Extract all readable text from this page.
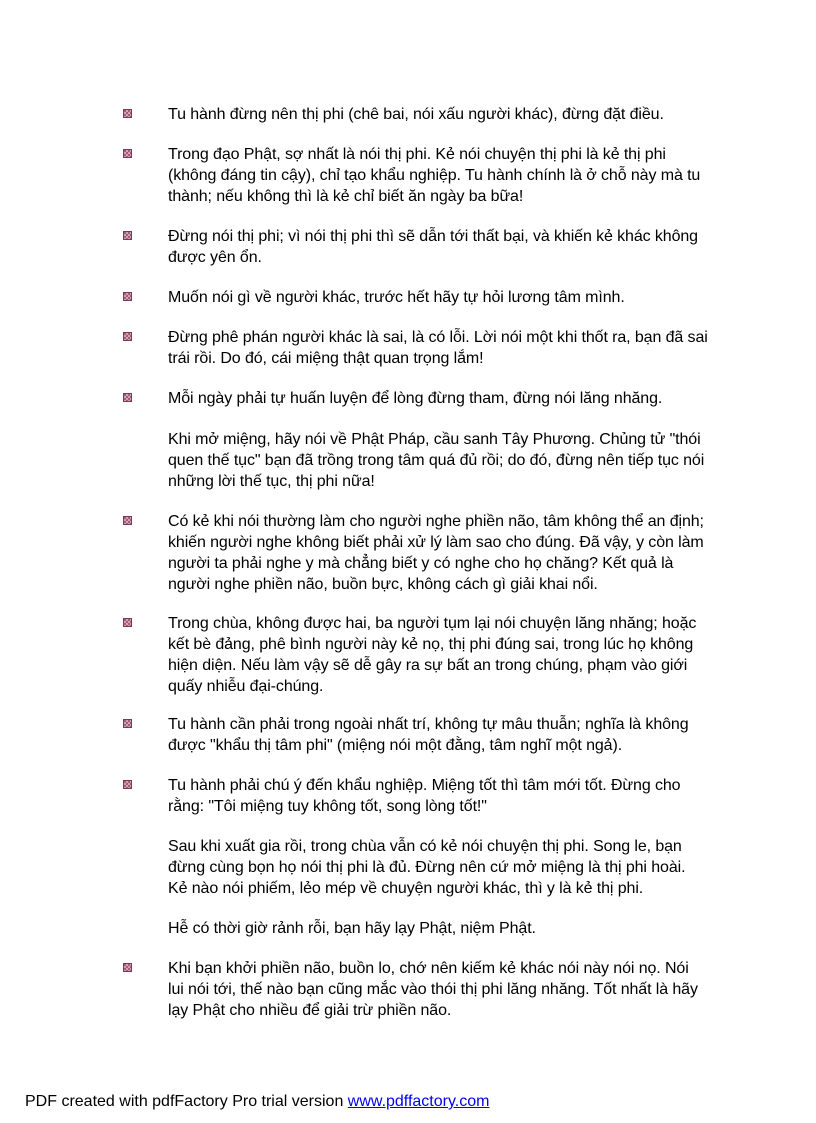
Tu hành đừng nên thị phi (chê bai, nói xấu người khác), đừng đặt điều.
Trong đạo Phật, sợ nhất là nói thị phi. Kẻ nói chuyện thị phi là kẻ thị phi (không đáng tin cậy), chỉ tạo khẩu nghiệp. Tu hành chính là ở chỗ này mà tu thành; nếu không thì là kẻ chỉ biết ăn ngày ba bữa!
Đừng nói thị phi; vì nói thị phi thì sẽ dẫn tới thất bại, và khiến kẻ khác không được yên ổn.
Muốn nói gì về người khác, trước hết hãy tự hỏi lương tâm mình.
Đừng phê phán người khác là sai, là có lỗi. Lời nói một khi thốt ra, bạn đã sai trái rồi. Do đó, cái miệng thật quan trọng lắm!
Mỗi ngày phải tự huấn luyện để lòng đừng tham, đừng nói lăng nhăng.
Khi mở miệng, hãy nói về Phật Pháp, cầu sanh Tây Phương. Chủng tử "thói quen thế tục" bạn đã trồng trong tâm quá đủ rồi; do đó, đừng nên tiếp tục nói những lời thế tục, thị phi nữa!
Có kẻ khi nói thường làm cho người nghe phiền não, tâm không thể an định; khiến người nghe không biết phải xử lý làm sao cho đúng. Đã vậy, y còn làm người ta phải nghe y mà chẳng biết y có nghe cho họ chăng? Kết quả là người nghe phiền não, buồn bực, không cách gì giải khai nổi.
Trong chùa, không được hai, ba người tụm lại nói chuyện lăng nhăng; hoặc kết bè đảng, phê bình người này kẻ nọ, thị phi đúng sai, trong lúc họ không hiện diện. Nếu làm vậy sẽ dễ gây ra sự bất an trong chúng, phạm vào giới quấy nhiễu đại-chúng.
Tu hành cần phải trong ngoài nhất trí, không tự mâu thuẫn; nghĩa là không được "khẩu thị tâm phi" (miệng nói một đằng, tâm nghĩ một ngả).
Tu hành phải chú ý đến khẩu nghiệp. Miệng tốt thì tâm mới tốt. Đừng cho rằng: "Tôi miệng tuy không tốt, song lòng tốt!"
Sau khi xuất gia rồi, trong chùa vẫn có kẻ nói chuyện thị phi. Song le, bạn đừng cùng bọn họ nói thị phi là đủ. Đừng nên cứ mở miệng là thị phi hoài. Kẻ nào nói phiếm, lẻo mép về chuyện người khác, thì y là kẻ thị phi.
Hễ có thời giờ rảnh rỗi, bạn hãy lạy Phật, niệm Phật.
Khi bạn khởi phiền não, buồn lo, chớ nên kiếm kẻ khác nói này nói nọ. Nói lui nói tới, thế nào bạn cũng mắc vào thói thị phi lăng nhăng. Tốt nhất là hãy lạy Phật cho nhiều để giải trừ phiền não.
PDF created with pdfFactory Pro trial version www.pdffactory.com
